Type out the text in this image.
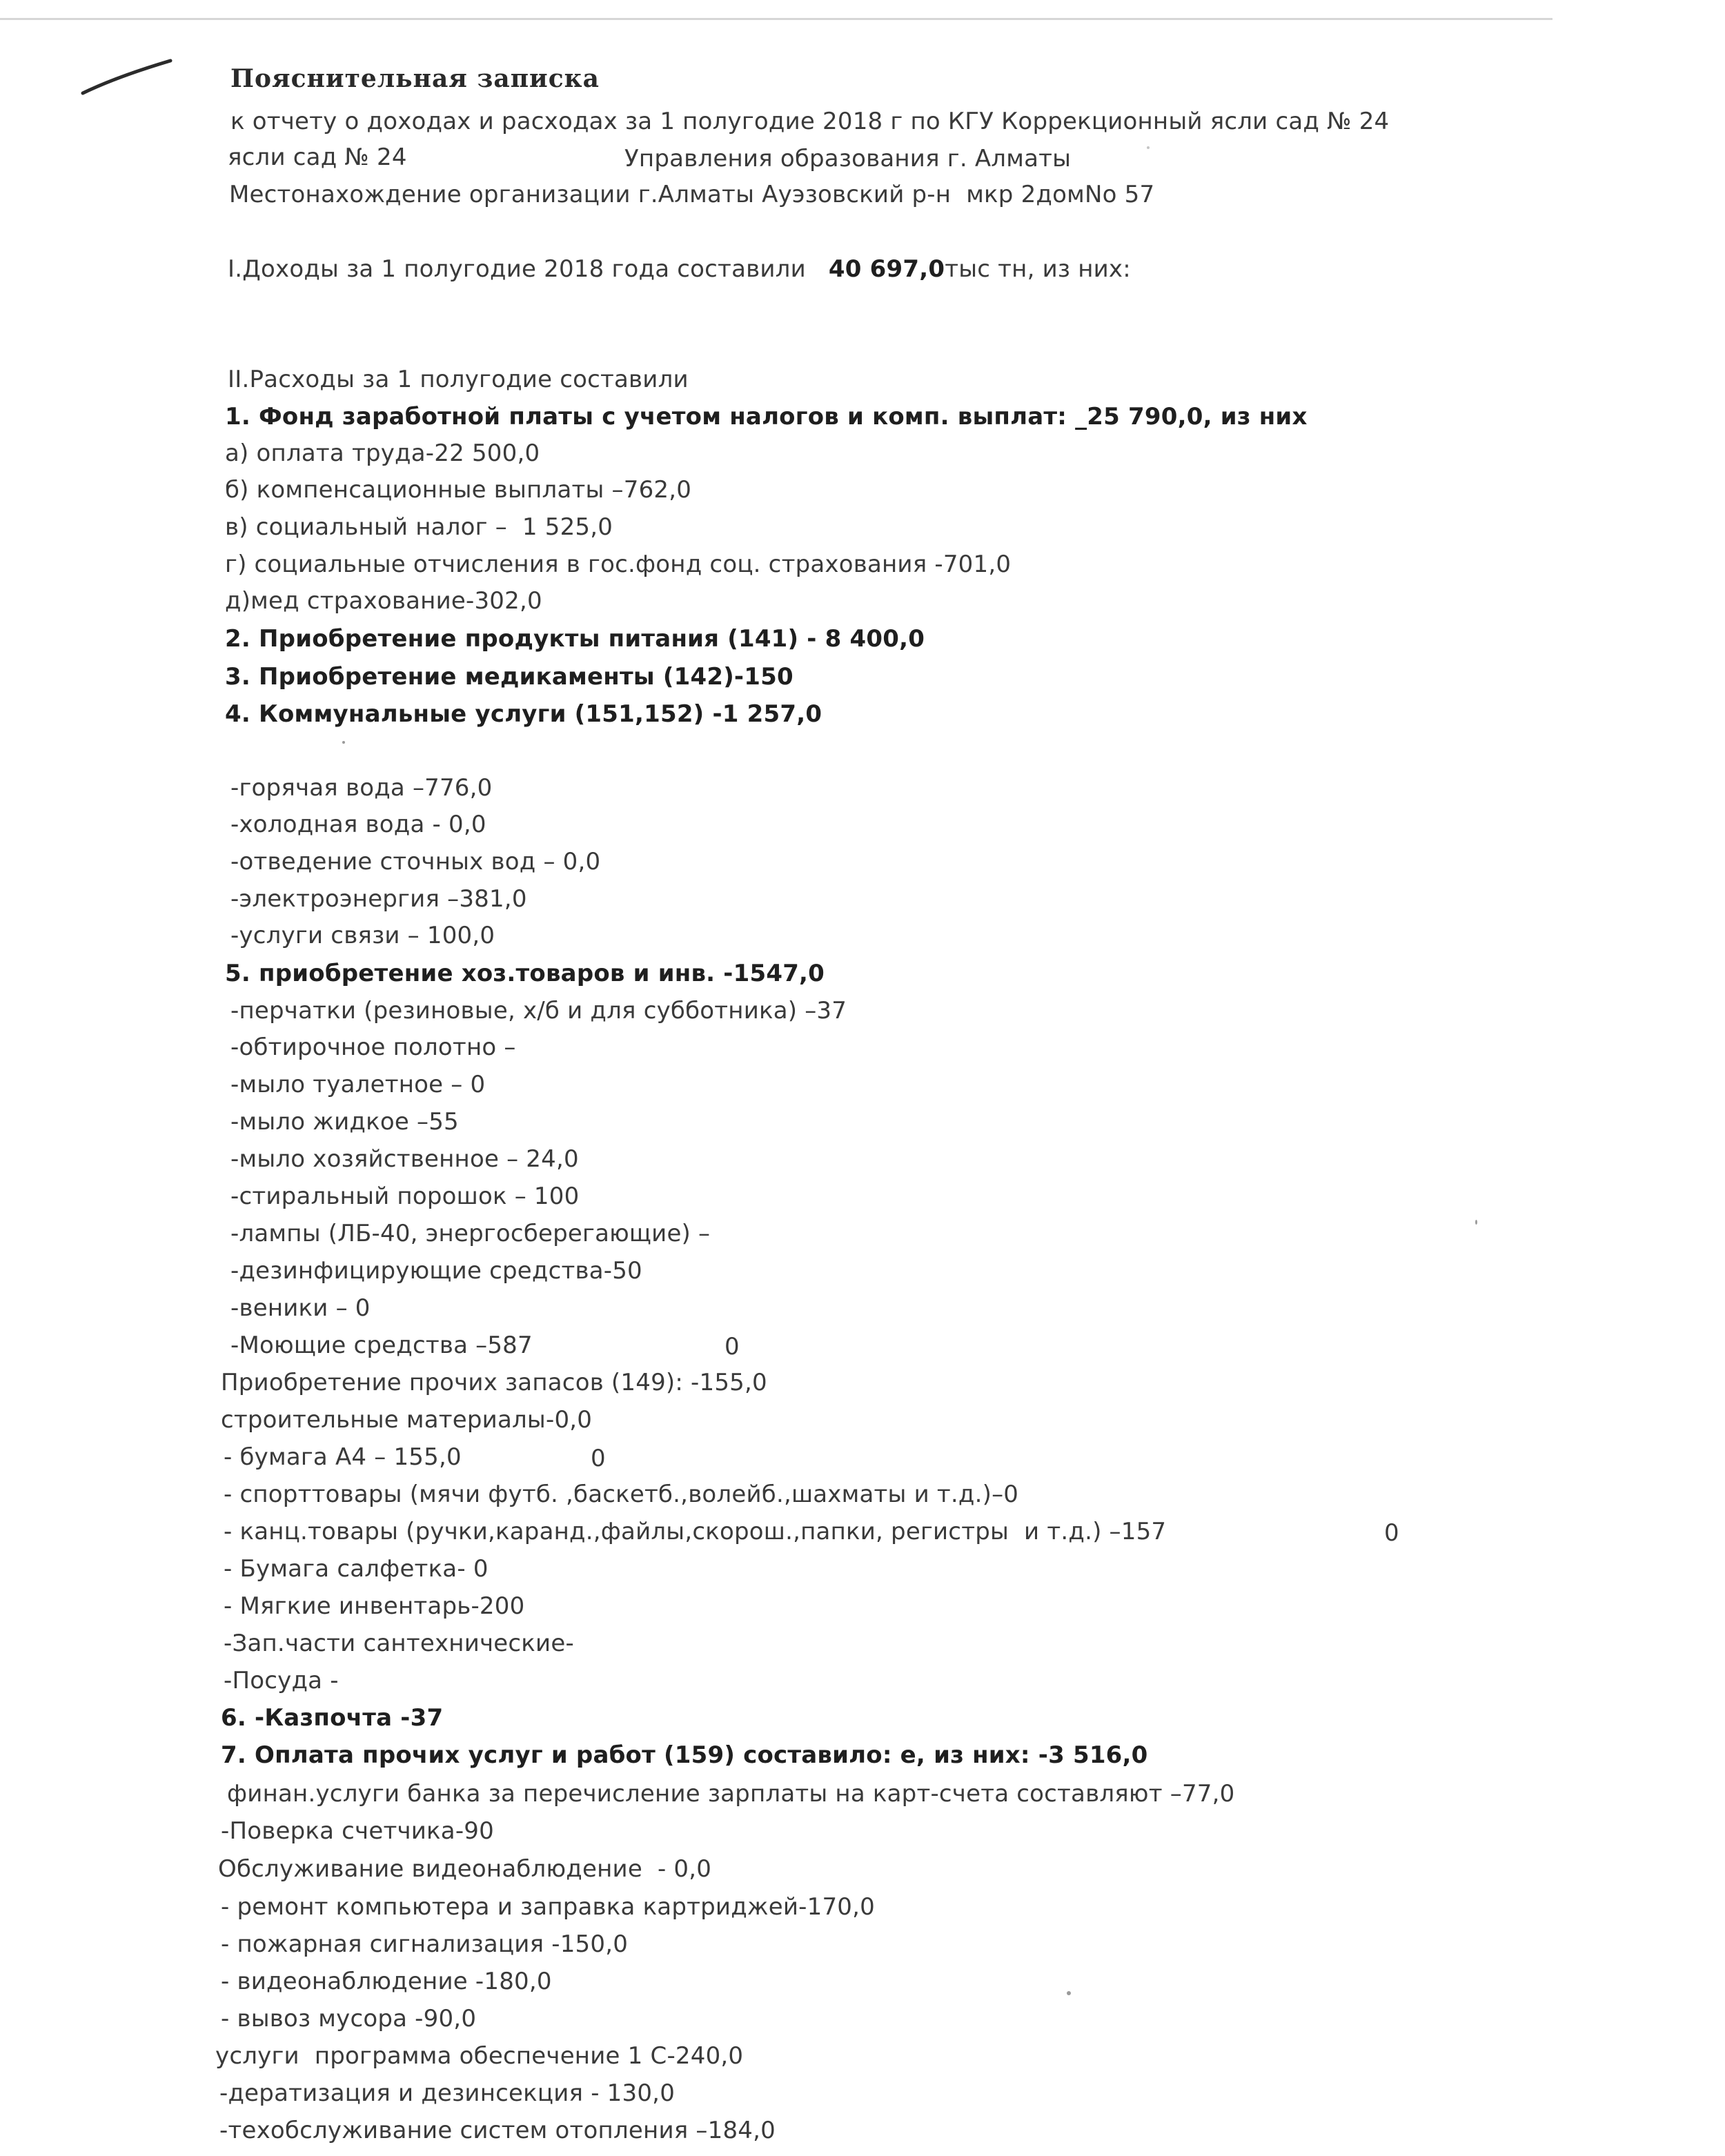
Пояснительная записка
к отчету о доходах и расходах за 1 полугодие 2018 г по КГУ Коррекционный ясли сад № 24
ясли сад № 24	Управления образования г. Алматы
Местонахождение организации г.Алматы Ауэзовский р-н  мкр 2домNo 57
I.Доходы за 1 полугодие 2018 года составили 40 697,0тыс тн, из них:
II.Расходы за 1 полугодие составили
1. Фонд заработной платы с учетом налогов и комп. выплат: _25 790,0, из них
а) оплата труда-22 500,0
б) компенсационные выплаты –762,0
в) социальный налог –  1 525,0
г) социальные отчисления в гос.фонд соц. страхования -701,0
д)мед страхование-302,0
2. Приобретение продукты питания (141) - 8 400,0
3. Приобретение медикаменты (142)-150
4. Коммунальные услуги (151,152) -1 257,0
-горячая вода –776,0
-холодная вода - 0,0
-отведение сточных вод – 0,0
-электроэнергия –381,0
-услуги связи – 100,0
5. приобретение хоз.товаров и инв. -1547,0
-перчатки (резиновые, х/б и для субботника) –37
-обтирочное полотно –
-мыло туалетное – 0
-мыло жидкое –55
-мыло хозяйственное – 24,0
-стиральный порошок – 100
-лампы (ЛБ-40, энергосберегающие) –
-дезинфицирующие средства-50
-веники – 0
-Моющие средства –587	0
Приобретение прочих запасов (149): -155,0
строительные материалы-0,0
- бумага А4 – 155,0	0
- спорттовары (мячи футб. ,баскетб.,волейб.,шахматы и т.д.)–0
- канц.товары (ручки,каранд.,файлы,скорош.,папки, регистры  и т.д.) –157	0
- Бумага салфетка- 0
- Мягкие инвентарь-200
-Зап.части сантехнические-
-Посуда -
6. -Казпочта -37
7. Оплата прочих услуг и работ (159) составило: е, из них: -3 516,0
финан.услуги банка за перечисление зарплаты на карт-счета составляют –77,0
-Поверка счетчика-90
Обслуживание видеонаблюдение  - 0,0
- ремонт компьютера и заправка картриджей-170,0
- пожарная сигнализация -150,0
- видеонаблюдение -180,0
- вывоз мусора -90,0
услуги  программа обеспечение 1 С-240,0
-дератизация и дезинсекция - 130,0
-техобслуживание систем отопления –184,0
